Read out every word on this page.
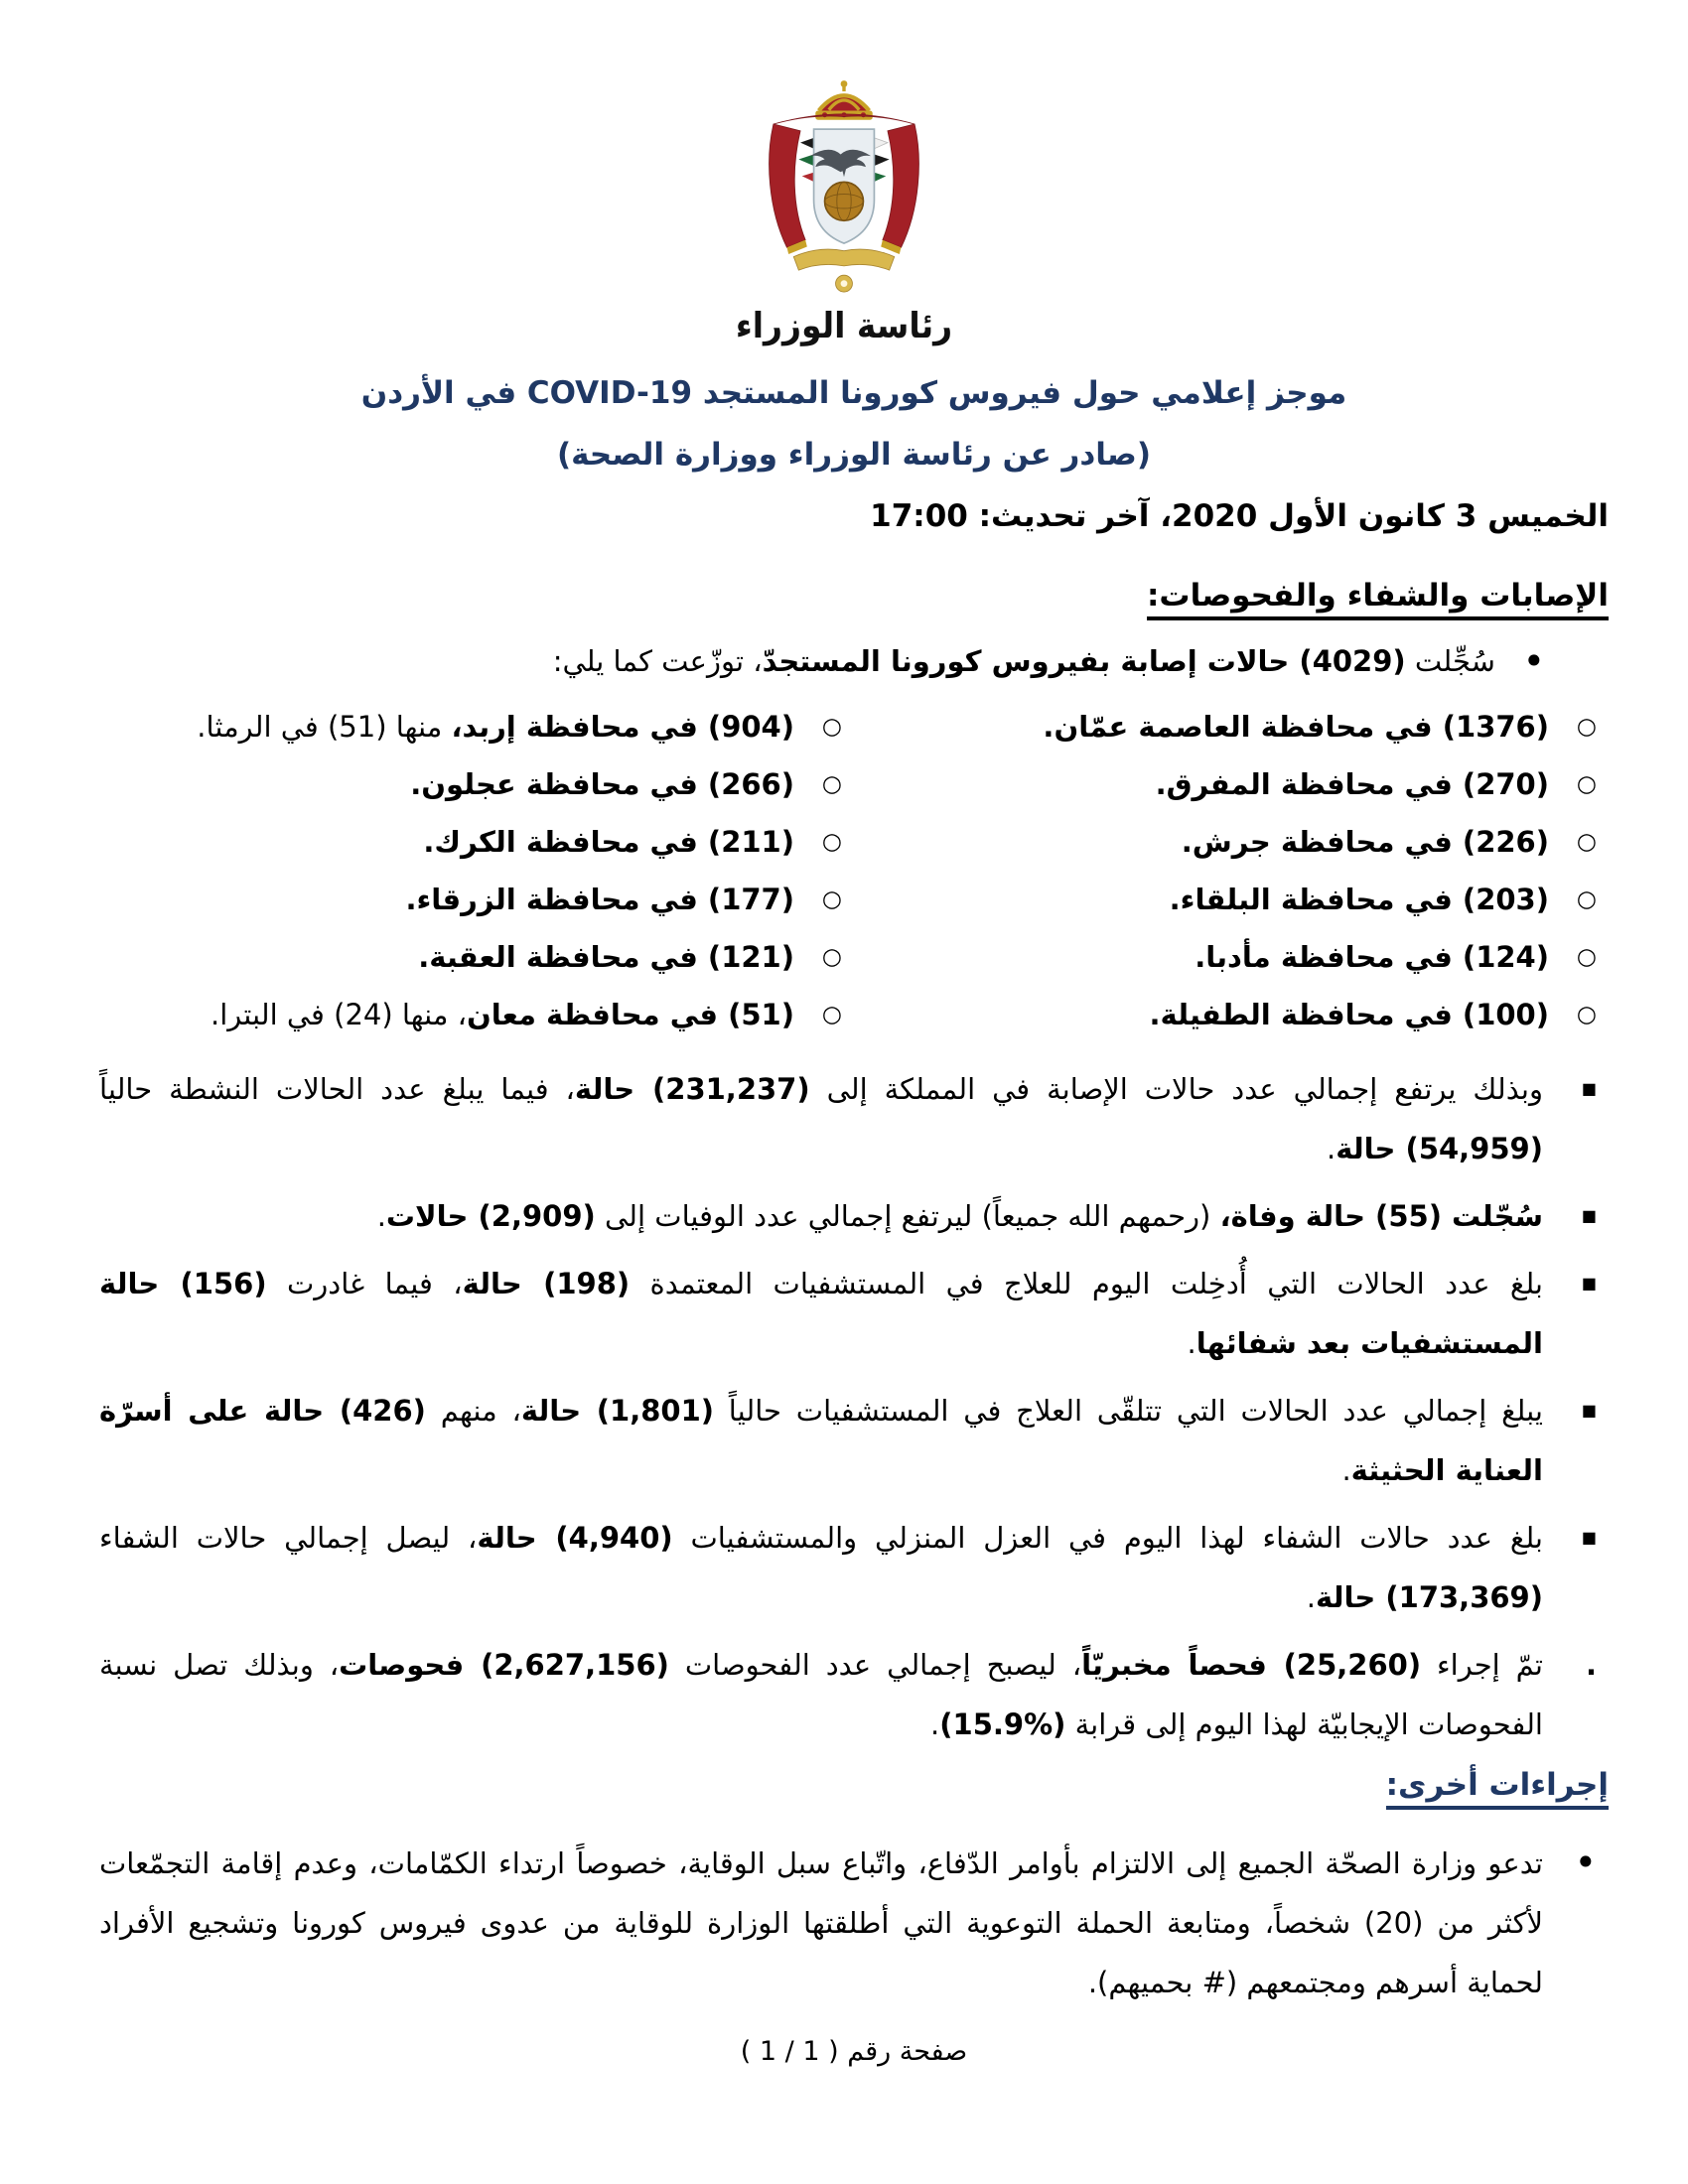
رئاسة الوزراء
موجز إعلامي حول فيروس كورونا المستجد COVID-19 في الأردن
(صادر عن رئاسة الوزراء ووزارة الصحة)
الخميس 3 كانون الأول 2020، آخر تحديث: 17:00
الإصابات والشفاء والفحوصات:
•
سُجِّلت (4029) حالات إصابة بفيروس كورونا المستجدّ، توزّعت كما يلي:
○
(1376) في محافظة العاصمة عمّان.
○
(270) في محافظة المفرق.
○
(226) في محافظة جرش.
○
(203) في محافظة البلقاء.
○
(124) في محافظة مأدبا.
○
(100) في محافظة الطفيلة.
○
(904) في محافظة إربد، منها (51) في الرمثا.
○
(266) في محافظة عجلون.
○
(211) في محافظة الكرك.
○
(177) في محافظة الزرقاء.
○
(121) في محافظة العقبة.
○
(51) في محافظة معان، منها (24) في البترا.
■
وبذلك يرتفع إجمالي عدد حالات الإصابة في المملكة إلى (231,237) حالة، فيما يبلغ عدد الحالات النشطة حالياً (54,959) حالة.
■
سُجّلت (55) حالة وفاة، (رحمهم الله جميعاً) ليرتفع إجمالي عدد الوفيات إلى (2,909) حالات.
■
بلغ عدد الحالات التي أُدخِلت اليوم للعلاج في المستشفيات المعتمدة (198) حالة، فيما غادرت (156) حالة المستشفيات بعد شفائها.
■
يبلغ إجمالي عدد الحالات التي تتلقّى العلاج في المستشفيات حالياً (1,801) حالة، منهم (426) حالة على أسرّة العناية الحثيثة.
■
بلغ عدد حالات الشفاء لهذا اليوم في العزل المنزلي والمستشفيات (4,940) حالة، ليصل إجمالي حالات الشفاء (173,369) حالة.
.
تمّ إجراء (25,260) فحصاً مخبريّاً، ليصبح إجمالي عدد الفحوصات (2,627,156) فحوصات، وبذلك تصل نسبة الفحوصات الإيجابيّة لهذا اليوم إلى قرابة (%15.9).
إجراءات أخرى:
•
تدعو وزارة الصحّة الجميع إلى الالتزام بأوامر الدّفاع، واتّباع سبل الوقاية، خصوصاً ارتداء الكمّامات، وعدم إقامة التجمّعات لأكثر من (20) شخصاً، ومتابعة الحملة التوعوية التي أطلقتها الوزارة للوقاية من عدوى فيروس كورونا وتشجيع الأفراد لحماية أسرهم ومجتمعهم (# بحميهم).
صفحة رقم ( 1 / 1 )
